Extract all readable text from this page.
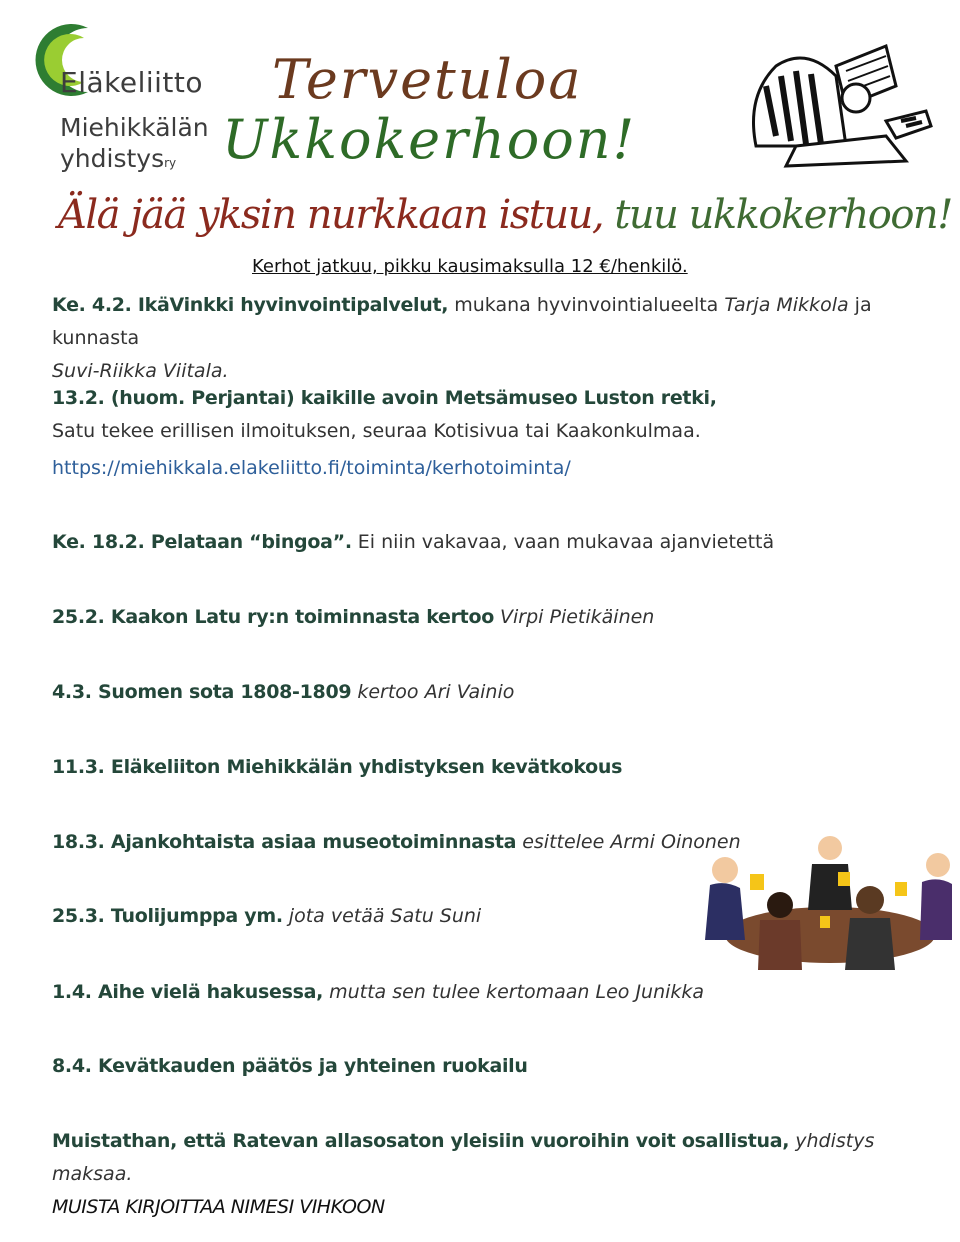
Eläkeliitto
Miehikkälän
yhdistysry
Tervetuloa
Ukkokerhoon!
Älä jää yksin nurkkaan istuu, tuu ukkokerhoon!
Kerhot jatkuu, pikku kausimaksulla 12 €/henkilö.
Ke. 4.2. IkäVinkki hyvinvointipalvelut, mukana hyvinvointialueelta Tarja Mikkola ja kunnasta
Suvi-Riikka Viitala.
13.2. (huom. Perjantai) kaikille avoin Metsämuseo Luston retki,
Satu tekee erillisen ilmoituksen, seuraa Kotisivua tai Kaakonkulmaa.
https://miehikkala.elakeliitto.fi/toiminta/kerhotoiminta/
Ke. 18.2. Pelataan “bingoa”. Ei niin vakavaa, vaan mukavaa ajanvietettä
25.2. Kaakon Latu ry:n toiminnasta kertoo Virpi Pietikäinen
4.3. Suomen sota 1808-1809 kertoo Ari Vainio
11.3. Eläkeliiton Miehikkälän yhdistyksen kevätkokous
18.3. Ajankohtaista asiaa museotoiminnasta esittelee Armi Oinonen
25.3. Tuolijumppa ym. jota vetää Satu Suni
1.4. Aihe vielä hakusessa, mutta sen tulee kertomaan Leo Junikka
8.4. Kevätkauden päätös ja yhteinen ruokailu
Muistathan, että Ratevan allasosaton yleisiin vuoroihin voit osallistua, yhdistys maksaa.
MUISTA KIRJOITTAA NIMESI VIHKOON
